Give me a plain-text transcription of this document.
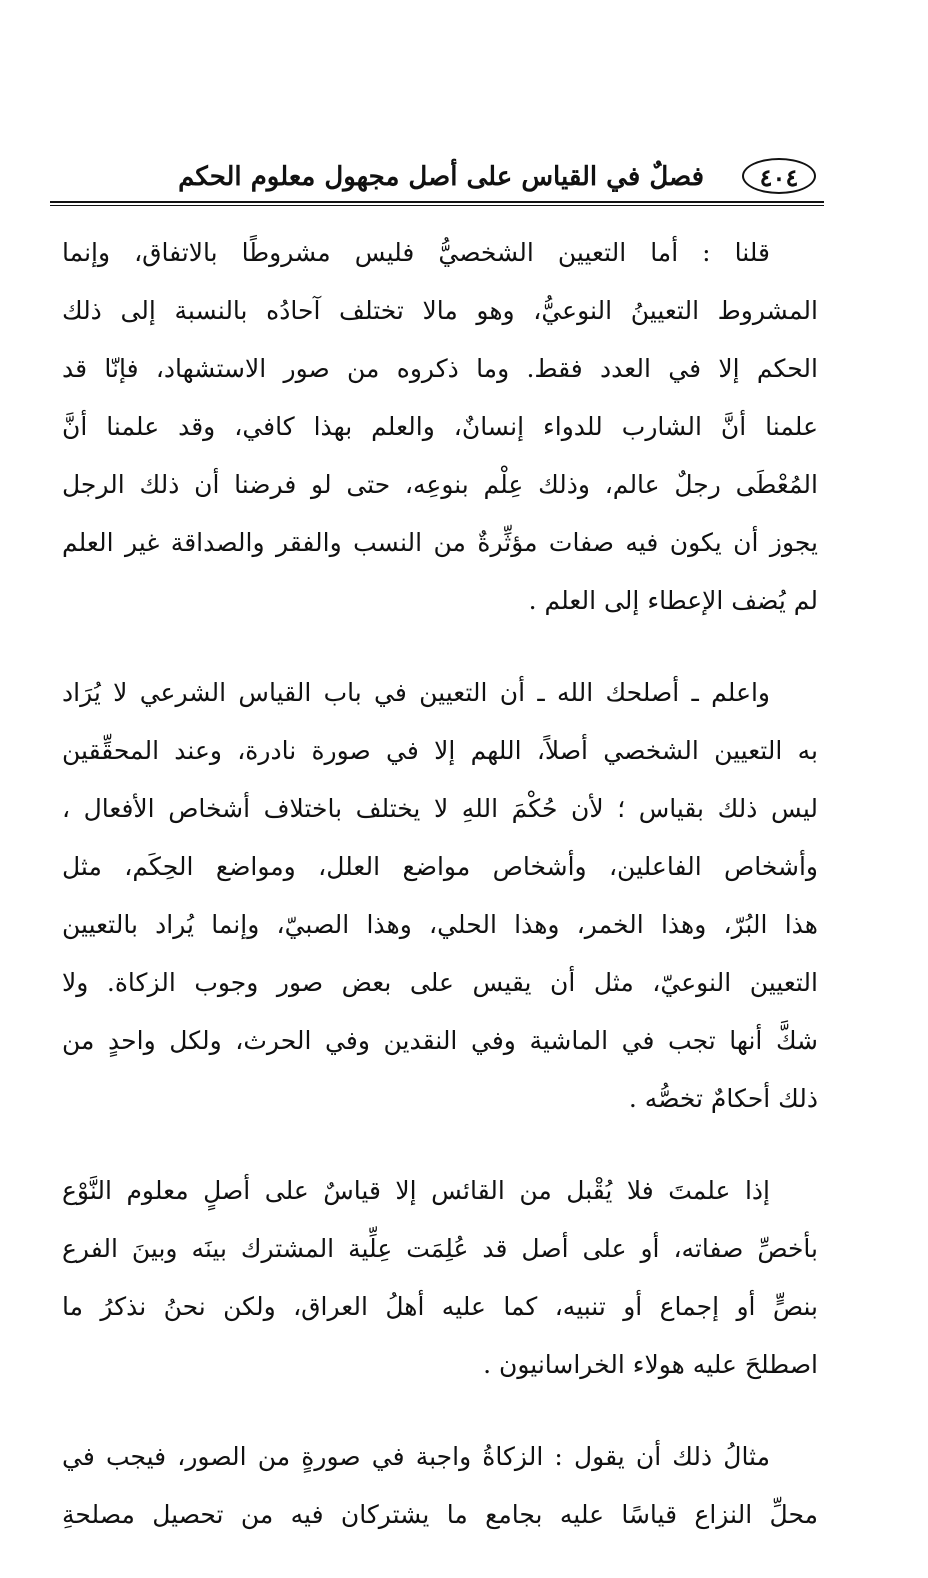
٤٠٤
فصلٌ في القياس على أصل مجهول معلوم الحكم

قلنا : أما التعيين الشخصيُّ فليس مشروطًا بالاتفاق، وإنما
المشروط التعيينُ النوعيُّ، وهو مالا تختلف آحادُه بالنسبة إلى ذلك
الحكم إلا في العدد فقط. وما ذكروه من صور الاستشهاد، فإنّا قد
علمنا أنَّ الشارب للدواء إنسانٌ، والعلم بهذا كافي، وقد علمنا أنَّ
المُعْطَى رجلٌ عالم، وذلك عِلْم بنوعِه، حتى لو فرضنا أن ذلك الرجل
يجوز أن يكون فيه صفات مؤثِّرةٌ من النسب والفقر والصداقة غير العلم
لم يُضف الإعطاء إلى العلم .

واعلم ـ أصلحك الله ـ أن التعيين في باب القياس الشرعي لا يُرَاد
به التعيين الشخصي أصلاً، اللهم إلا في صورة نادرة، وعند المحقِّقين
ليس ذلك بقياس ؛ لأن حُكْمَ اللهِ لا يختلف باختلاف أشخاص الأفعال ،
وأشخاص الفاعلين، وأشخاص مواضع العلل، ومواضع الحِكَم، مثل
هذا البُرّ، وهذا الخمر، وهذا الحلي، وهذا الصبيّ، وإنما يُراد بالتعيين
التعيين النوعيّ، مثل أن يقيس على بعض صور وجوب الزكاة. ولا
شكَّ أنها تجب في الماشية وفي النقدين وفي الحرث، ولكل واحدٍ من
ذلك أحكامٌ تخصُّه .

إذا علمتَ فلا يُقْبل من القائس إلا قياسٌ على أصلٍ معلوم النَّوْع
بأخصِّ صفاته، أو على أصل قد عُلِمَت عِلِّية المشترك بينَه وبينَ الفرع
بنصٍّ أو إجماع أو تنبيه، كما عليه أهلُ العراق، ولكن نحنُ نذكرُ ما
اصطلحَ عليه هولاء الخراسانيون .

مثالُ ذلك أن يقول : الزكاةُ واجبة في صورةٍ من الصور، فيجب في
محلِّ النزاع قياسًا عليه بجامع ما يشتركان فيه من تحصيل مصلحةِ
